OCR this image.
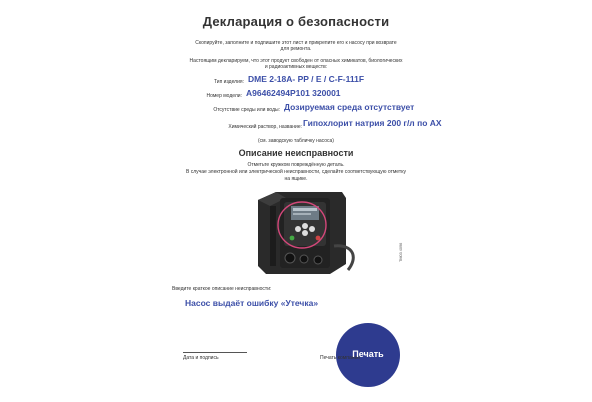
Декларация о безопасности
Скопируйте, заполните и подпишите этот лист и прикрепите его к насосу при возврате
для ремонта.
Настоящим декларируем, что этот продукт свободен от опасных химикатов, биологических
и радиоактивных веществ:
Тип изделия: DME 2-18A- PP / E / C-F-111F
Номер модели: A96462494P101 320001
Отсутствие среды или воды: Дозируемая среда отсутствует
Химический раствор, название: Гипохлорит натрия 200 г/л по АХ
(см. заводскую табличку насоса)
Описание неисправности
Отметьте кружком повреждённую деталь.
В случае электронной или электрической неисправности, сделайте соответствующую отметку
на ящике.
TM03 4096
Введите краткое описание неисправности:
Насос выдаёт ошибку «Утечка»
Дата и подпись	Печать компании
Печать
